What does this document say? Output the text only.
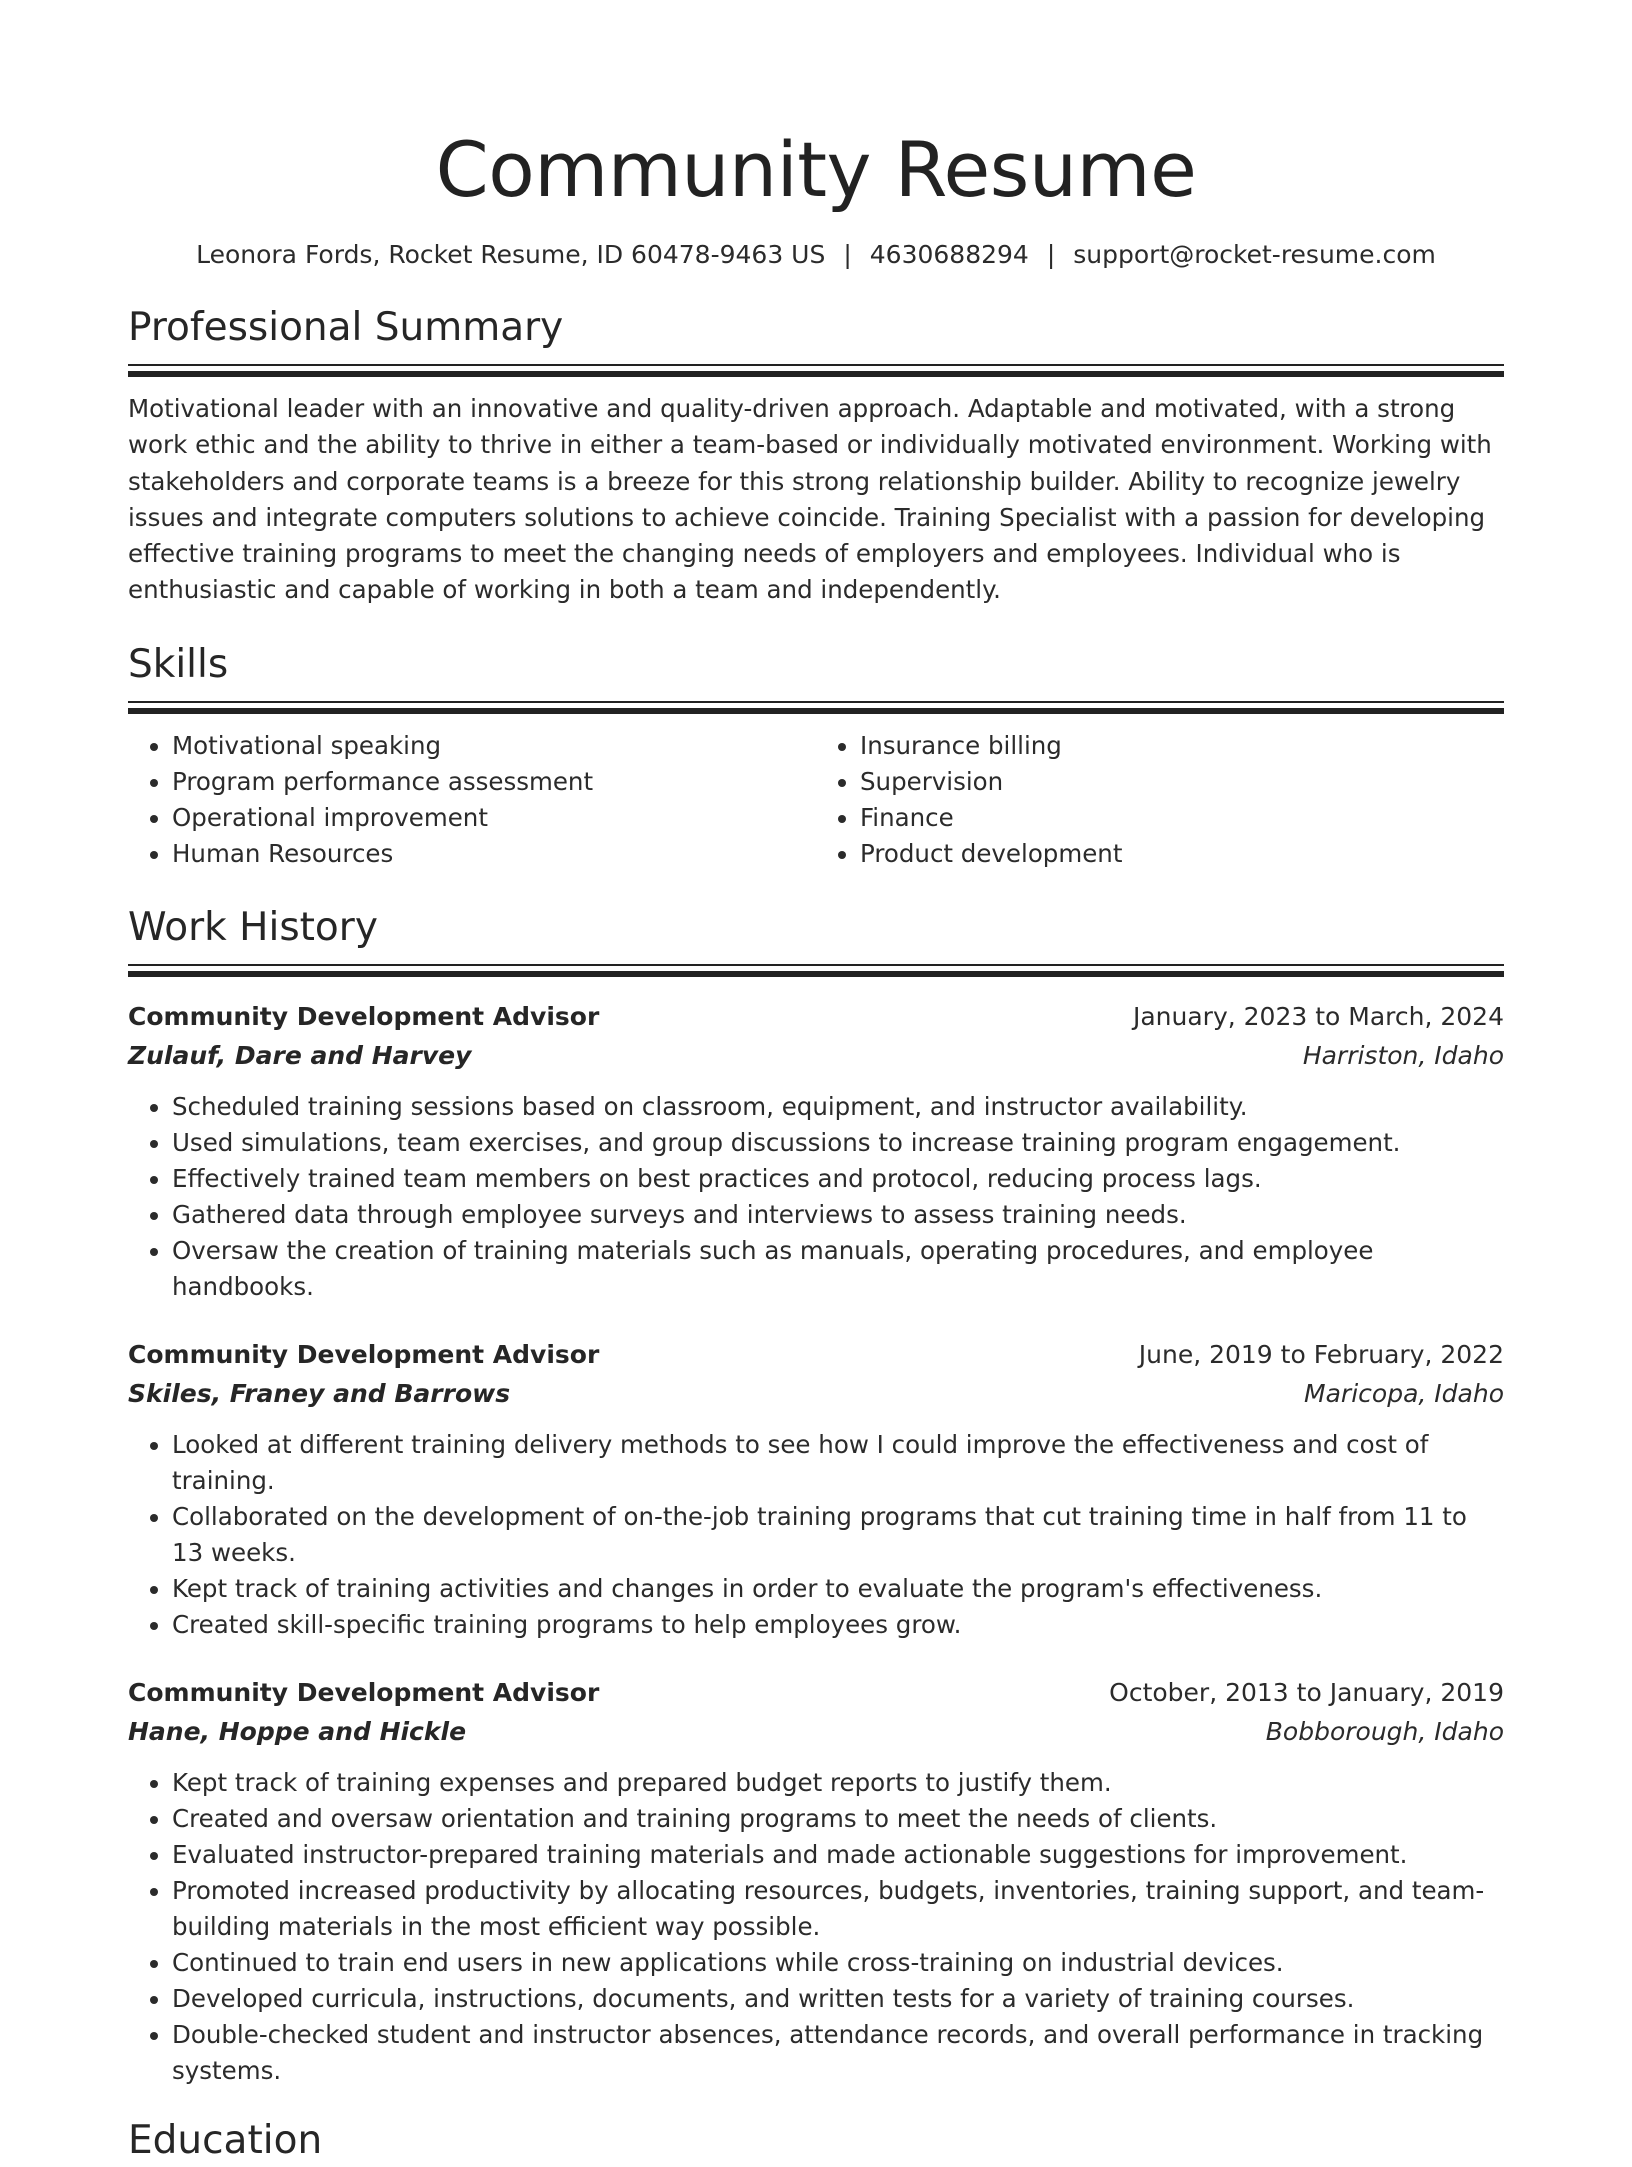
Community Resume
Leonora Fords, Rocket Resume, ID 60478-9463 US | 4630688294 | support@rocket-resume.com
Professional Summary

Motivational leader with an innovative and quality-driven approach. Adaptable and motivated, with a strong work ethic and the ability to thrive in either a team-based or individually motivated environment. Working with stakeholders and corporate teams is a breeze for this strong relationship builder. Ability to recognize jewelry issues and integrate computers solutions to achieve coincide. Training Specialist with a passion for developing effective training programs to meet the changing needs of employers and employees. Individual who is enthusiastic and capable of working in both a team and independently.

Skills
• Motivational speaking
• Program performance assessment
• Operational improvement
• Human Resources
• Insurance billing
• Supervision
• Finance
• Product development
Work History
Community Development Advisor	January, 2023 to March, 2024
Zulauf, Dare and Harvey	Harriston, Idaho
• Scheduled training sessions based on classroom, equipment, and instructor availability.
• Used simulations, team exercises, and group discussions to increase training program engagement.
• Effectively trained team members on best practices and protocol, reducing process lags.
• Gathered data through employee surveys and interviews to assess training needs.
• Oversaw the creation of training materials such as manuals, operating procedures, and employee handbooks.
Community Development Advisor	June, 2019 to February, 2022
Skiles, Franey and Barrows	Maricopa, Idaho
• Looked at different training delivery methods to see how I could improve the effectiveness and cost of training.
• Collaborated on the development of on-the-job training programs that cut training time in half from 11 to 13 weeks.
• Kept track of training activities and changes in order to evaluate the program's effectiveness.
• Created skill-specific training programs to help employees grow.
Community Development Advisor	October, 2013 to January, 2019
Hane, Hoppe and Hickle	Bobborough, Idaho
• Kept track of training expenses and prepared budget reports to justify them.
• Created and oversaw orientation and training programs to meet the needs of clients.
• Evaluated instructor-prepared training materials and made actionable suggestions for improvement.
• Promoted increased productivity by allocating resources, budgets, inventories, training support, and team-building materials in the most efficient way possible.
• Continued to train end users in new applications while cross-training on industrial devices.
• Developed curricula, instructions, documents, and written tests for a variety of training courses.
• Double-checked student and instructor absences, attendance records, and overall performance in tracking systems.
Education
